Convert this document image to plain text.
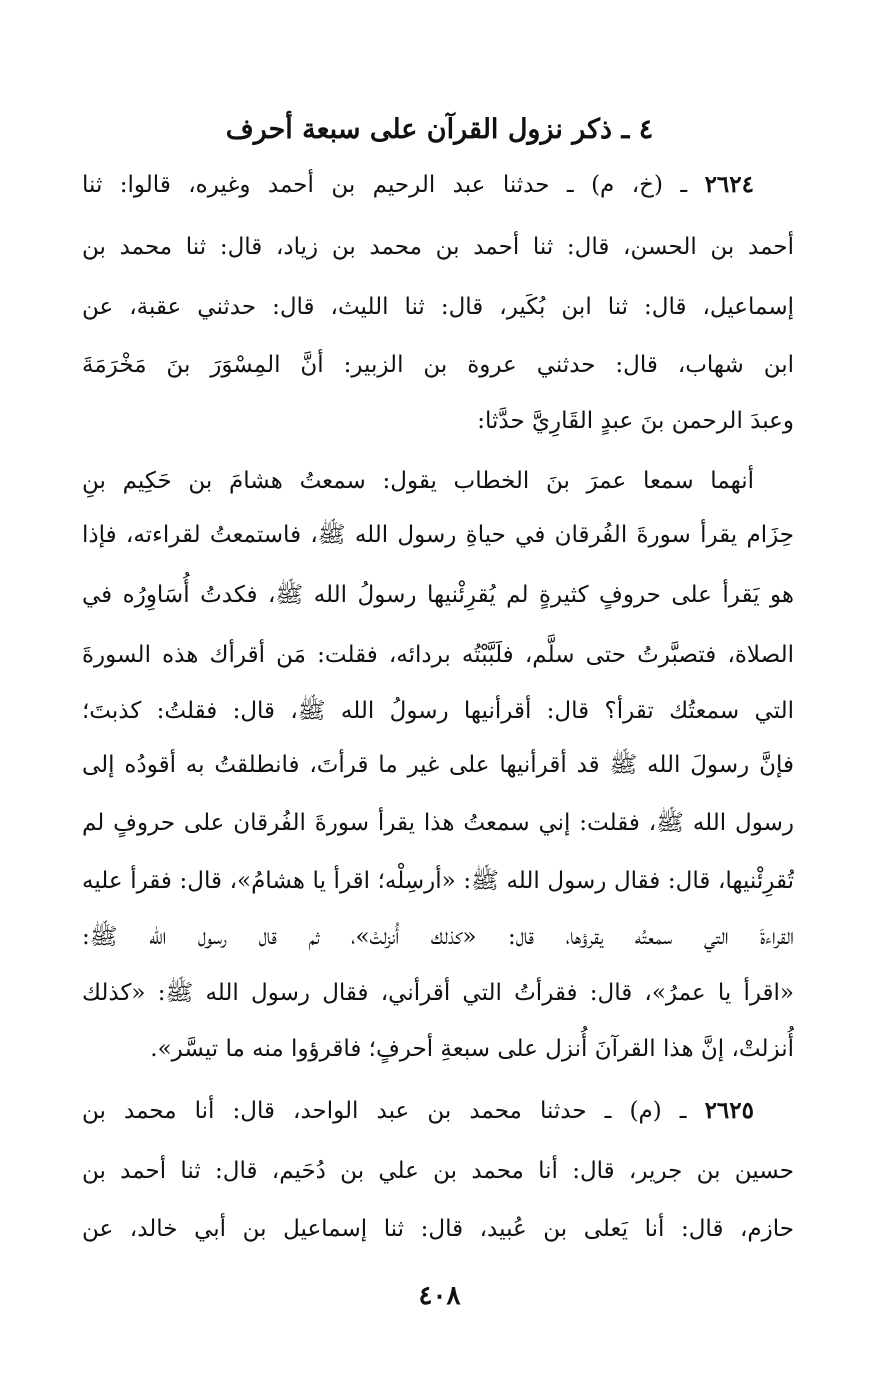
٤ ـ ذكر نزول القرآن على سبعة أحرف
٢٦٢٤ ـ (خ، م) ـ حدثنا عبد الرحيم بن أحمد وغيره، قالوا: ثنا
أحمد بن الحسن، قال: ثنا أحمد بن محمد بن زياد، قال: ثنا محمد بن
إسماعيل، قال: ثنا ابن بُكَير، قال: ثنا الليث، قال: حدثني عقبة، عن
ابن شهاب، قال: حدثني عروة بن الزبير: أنَّ المِسْوَرَ بنَ مَخْرَمَةَ
وعبدَ الرحمن بنَ عبدٍ القَارِيَّ حدَّثا:
أنهما سمعا عمرَ بنَ الخطاب يقول: سمعتُ هشامَ بن حَكِيم بنِ
حِزَام يقرأ سورةَ الفُرقان في حياةِ رسول الله ﷺ، فاستمعتُ لقراءته، فإذا
هو يَقرأ على حروفٍ كثيرةٍ لم يُقرِئْنيها رسولُ الله ﷺ، فكدتُ أُسَاوِرُه في
الصلاة، فتصبَّرتُ حتى سلَّم، فلَبَّبْتُه بردائه، فقلت: مَن أقرأك هذه السورةَ
التي سمعتُك تقرأ؟ قال: أقرأنيها رسولُ الله ﷺ، قال: فقلتُ: كذبتَ؛
فإنَّ رسولَ الله ﷺ قد أقرأنيها على غير ما قرأتَ، فانطلقتُ به أقودُه إلى
رسول الله ﷺ، فقلت: إني سمعتُ هذا يقرأ سورةَ الفُرقان على حروفٍ لم
تُقرِئْنيها، قال: فقال رسول الله ﷺ: «أرسِلْه؛ اقرأ يا هشامُ»، قال: فقرأ عليه
القراءةَ التي سمعتُه يقرؤها، قال: «كذلك أُنزلتْ»، ثم قال رسول الله ﷺ:
«اقرأ يا عمرُ»، قال: فقرأتُ التي أقرأني، فقال رسول الله ﷺ: «كذلك
أُنزلتْ، إنَّ هذا القرآنَ أُنزل على سبعةِ أحرفٍ؛ فاقرؤوا منه ما تيسَّر».
٢٦٢٥ ـ (م) ـ حدثنا محمد بن عبد الواحد، قال: أنا محمد بن
حسين بن جرير، قال: أنا محمد بن علي بن دُحَيم، قال: ثنا أحمد بن
حازم، قال: أنا يَعلى بن عُبيد، قال: ثنا إسماعيل بن أبي خالد، عن
٤٠٨
